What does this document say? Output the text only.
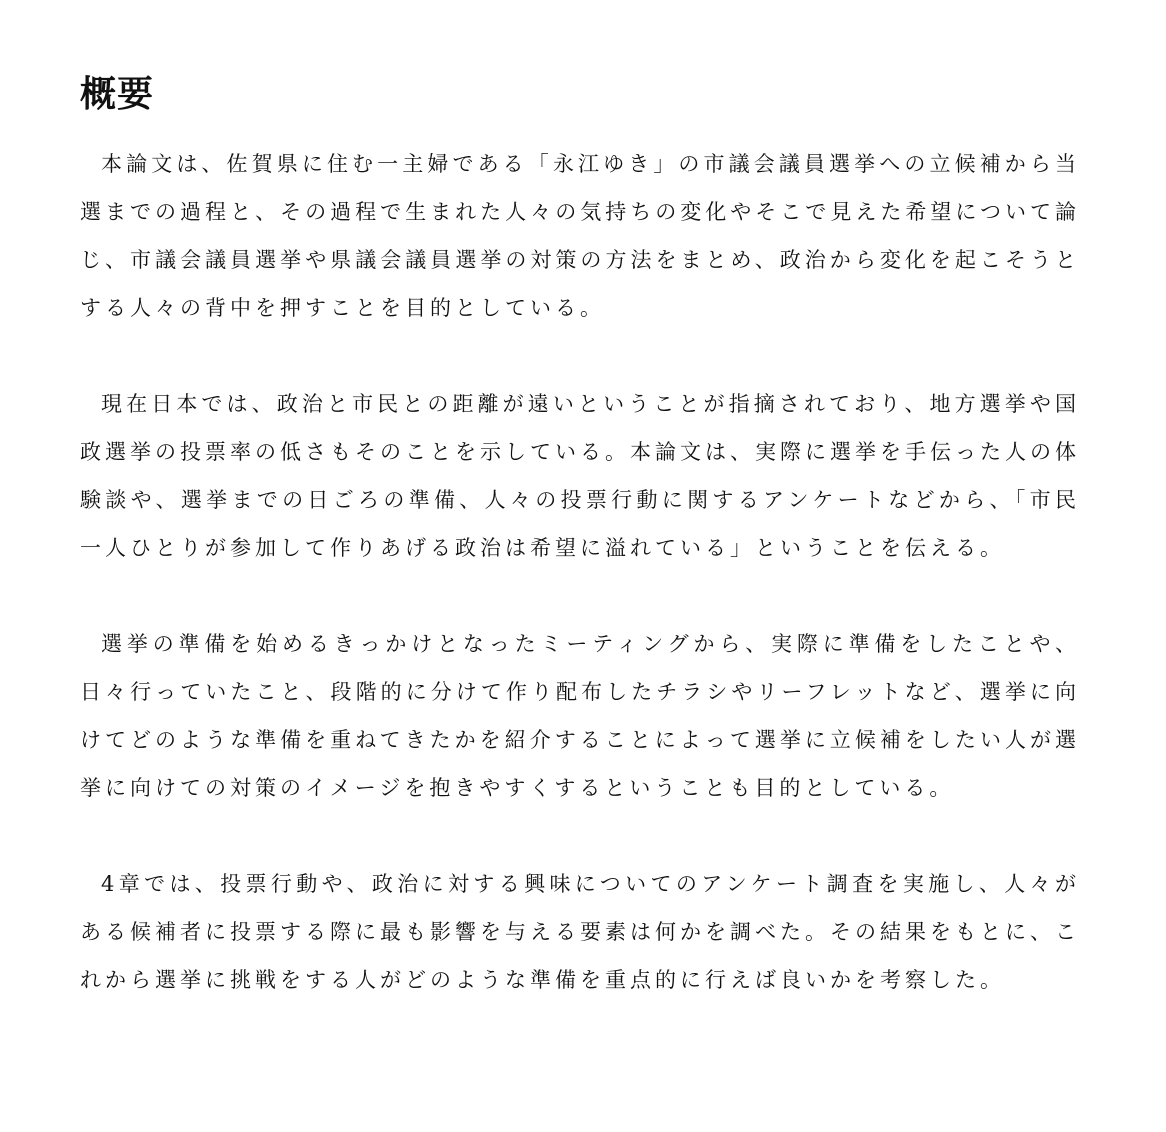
概要

本論文は、佐賀県に住む一主婦である「永江ゆき」の市議会議員選挙への立候補から当選までの過程と、その過程で生まれた人々の気持ちの変化やそこで見えた希望について論じ、市議会議員選挙や県議会議員選挙の対策の方法をまとめ、政治から変化を起こそうとする人々の背中を押すことを目的としている。

現在日本では、政治と市民との距離が遠いということが指摘されており、地方選挙や国政選挙の投票率の低さもそのことを示している。本論文は、実際に選挙を手伝った人の体験談や、選挙までの日ごろの準備、人々の投票行動に関するアンケートなどから、「市民一人ひとりが参加して作りあげる政治は希望に溢れている」ということを伝える。

選挙の準備を始めるきっかけとなったミーティングから、実際に準備をしたことや、日々行っていたこと、段階的に分けて作り配布したチラシやリーフレットなど、選挙に向けてどのような準備を重ねてきたかを紹介することによって選挙に立候補をしたい人が選挙に向けての対策のイメージを抱きやすくするということも目的としている。

4章では、投票行動や、政治に対する興味についてのアンケート調査を実施し、人々がある候補者に投票する際に最も影響を与える要素は何かを調べた。その結果をもとに、これから選挙に挑戦をする人がどのような準備を重点的に行えば良いかを考察した。
